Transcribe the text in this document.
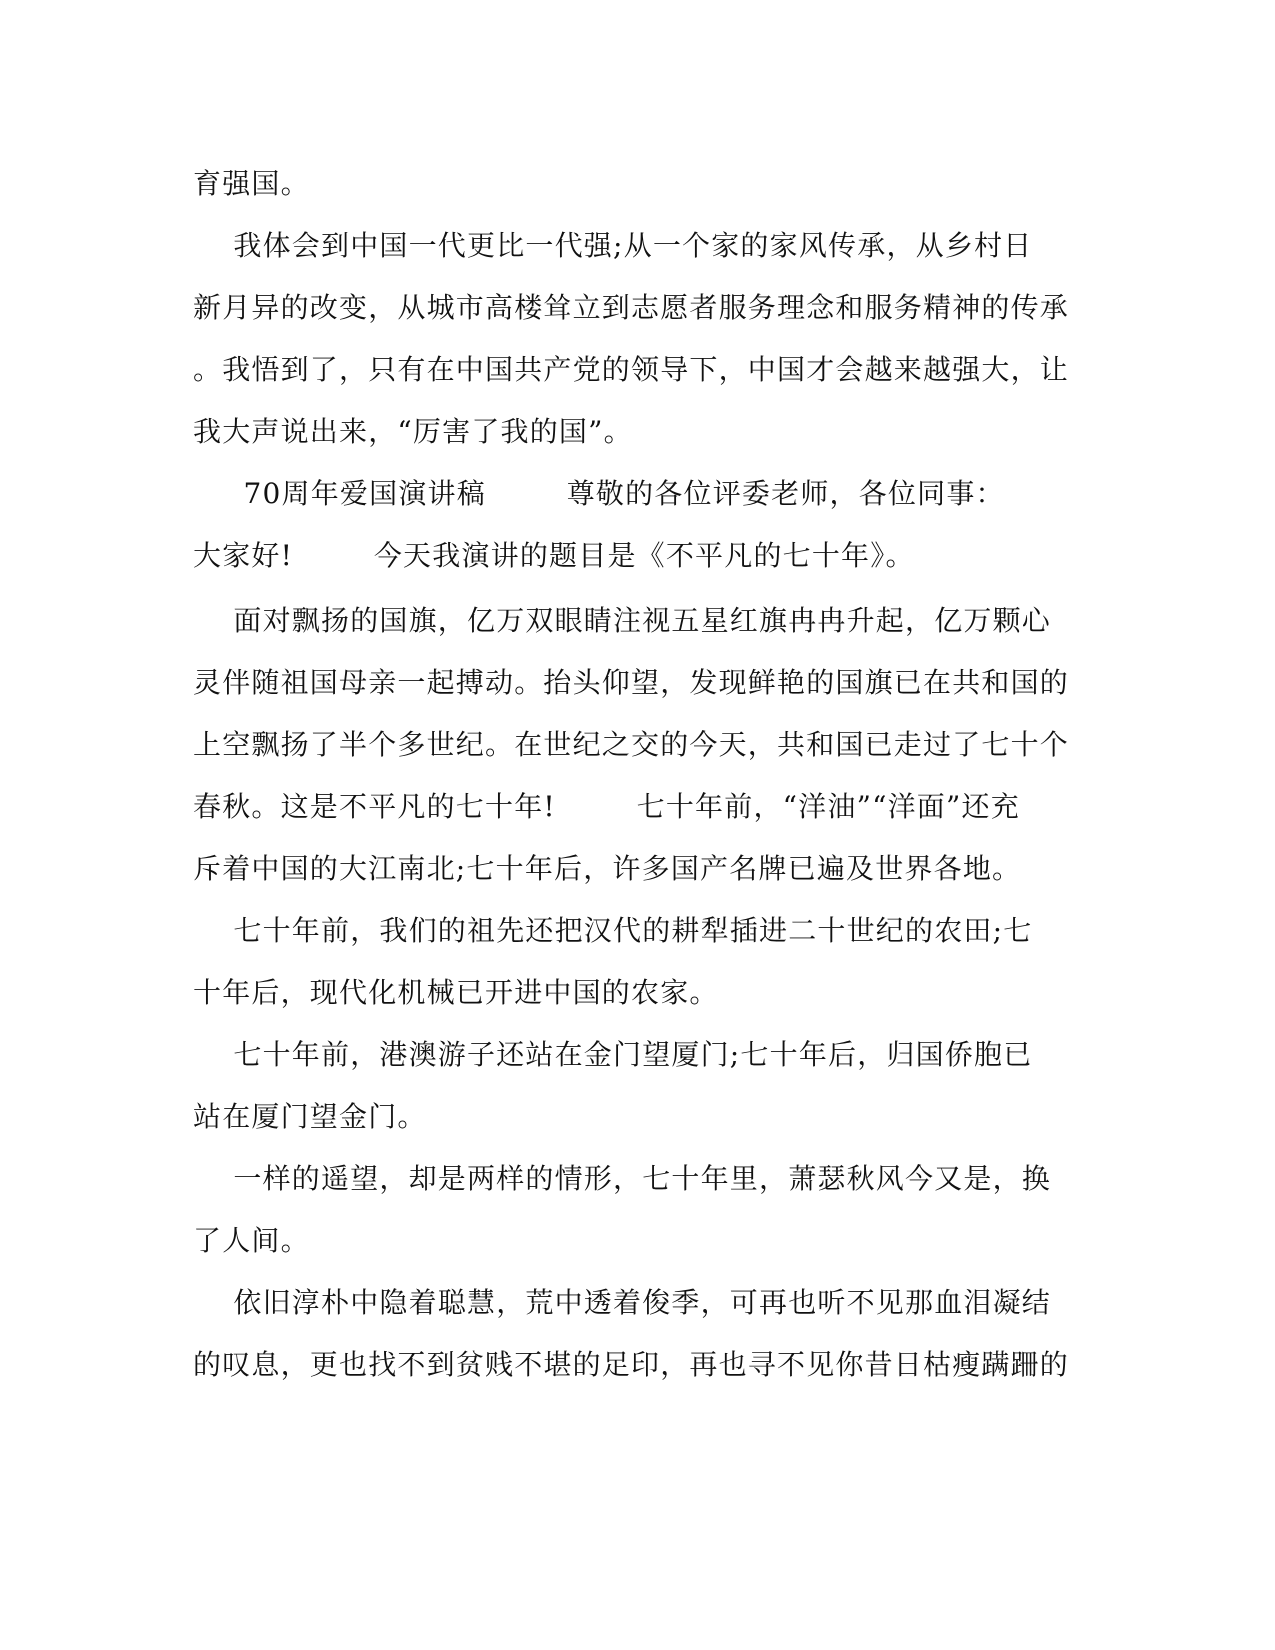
育强国。
我体会到中国一代更比一代强;从一个家的家风传承，从乡村日
新月异的改变，从城市高楼耸立到志愿者服务理念和服务精神的传承
。我悟到了，只有在中国共产党的领导下，中国才会越来越强大，让
我大声说出来，“厉害了我的国”。
70周年爱国演讲稿        尊敬的各位评委老师，各位同事：
大家好!        今天我演讲的题目是《不平凡的七十年》。
面对飘扬的国旗，亿万双眼睛注视五星红旗冉冉升起，亿万颗心
灵伴随祖国母亲一起搏动。抬头仰望，发现鲜艳的国旗已在共和国的
上空飘扬了半个多世纪。在世纪之交的今天，共和国已走过了七十个
春秋。这是不平凡的七十年!        七十年前，“洋油”“洋面”还充
斥着中国的大江南北;七十年后，许多国产名牌已遍及世界各地。
七十年前，我们的祖先还把汉代的耕犁插进二十世纪的农田;七
十年后，现代化机械已开进中国的农家。
七十年前，港澳游子还站在金门望厦门;七十年后，归国侨胞已
站在厦门望金门。
一样的遥望，却是两样的情形，七十年里，萧瑟秋风今又是，换
了人间。
依旧淳朴中隐着聪慧，荒中透着俊季，可再也听不见那血泪凝结
的叹息，更也找不到贫贱不堪的足印，再也寻不见你昔日枯瘦蹒跚的
